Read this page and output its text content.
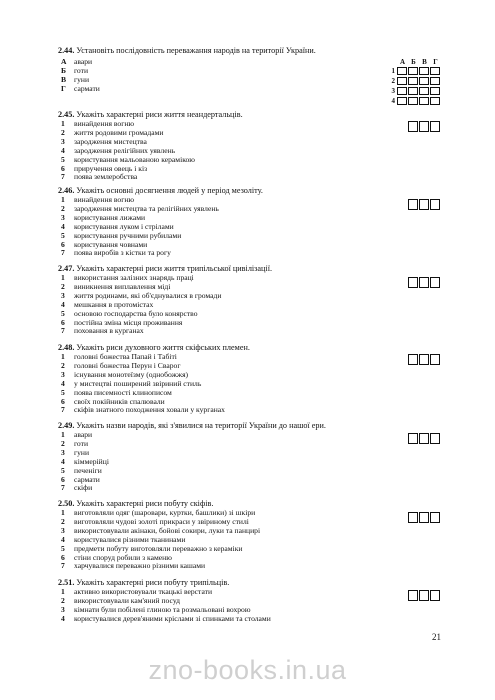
2.44. Установіть послідовність переважання народів на території України.
А авари
Б готи
В гуни
Г сармати
А Б В Г
1
2
3
4
2.45. Укажіть характерні риси життя неандертальців.
1 винайдення вогню
2 життя родовими громадами
3 зародження мистецтва
4 зародження релігійних уявлень
5 користування мальованою керамікою
6 приручення овець і кіз
7 поява землеробства
2.46. Укажіть основні досягнення людей у період мезоліту.
1 винайдення вогню
2 зародження мистецтва та релігійних уявлень
3 користування лижами
4 користування луком і стрілами
5 користування ручними рубилами
6 користування човнами
7 поява виробів з кістки та рогу
2.47. Укажіть характерні риси життя трипільської цивілізації.
1 використання залізних знарядь праці
2 виникнення виплавлення міді
3 життя родинами, які об'єднувалися в громади
4 мешкання в протомістах
5 основою господарства було конярство
6 постійна зміна місця проживання
7 поховання в курганах
2.48. Укажіть риси духовного життя скіфських племен.
1 головні божества Папай і Табіті
2 головні божества Перун і Сварог
3 існування монотеїзму (однобожжя)
4 у мистецтві поширений звіриний стиль
5 поява писемності клинописом
6 своїх покійників спалювали
7 скіфів знатного походження ховали у курганах
2.49. Укажіть назви народів, які з'явилися на території України до нашої ери.
1 авари
2 готи
3 гуни
4 кіммерійці
5 печеніги
6 сармати
7 скіфи
2.50. Укажіть характерні риси побуту скіфів.
1 виготовляли одяг (шаровари, куртки, башлики) зі шкіри
2 виготовляли чудові золоті прикраси у звіриному стилі
3 використовували акінаки, бойові сокири, луки та панцирі
4 користувалися різними тканинами
5 предмети побуту виготовляли переважно з кераміки
6 стіни споруд робили з каменю
7 харчувалися переважно різними кашами
2.51. Укажіть характерні риси побуту трипільців.
1 активно використовували ткацькі верстати
2 використовували кам'яний посуд
3 кімнати були побілені глиною та розмальовані вохрою
4 користувалися дерев'яними кріслами зі спинками та столами
21
zno-books.in.ua
